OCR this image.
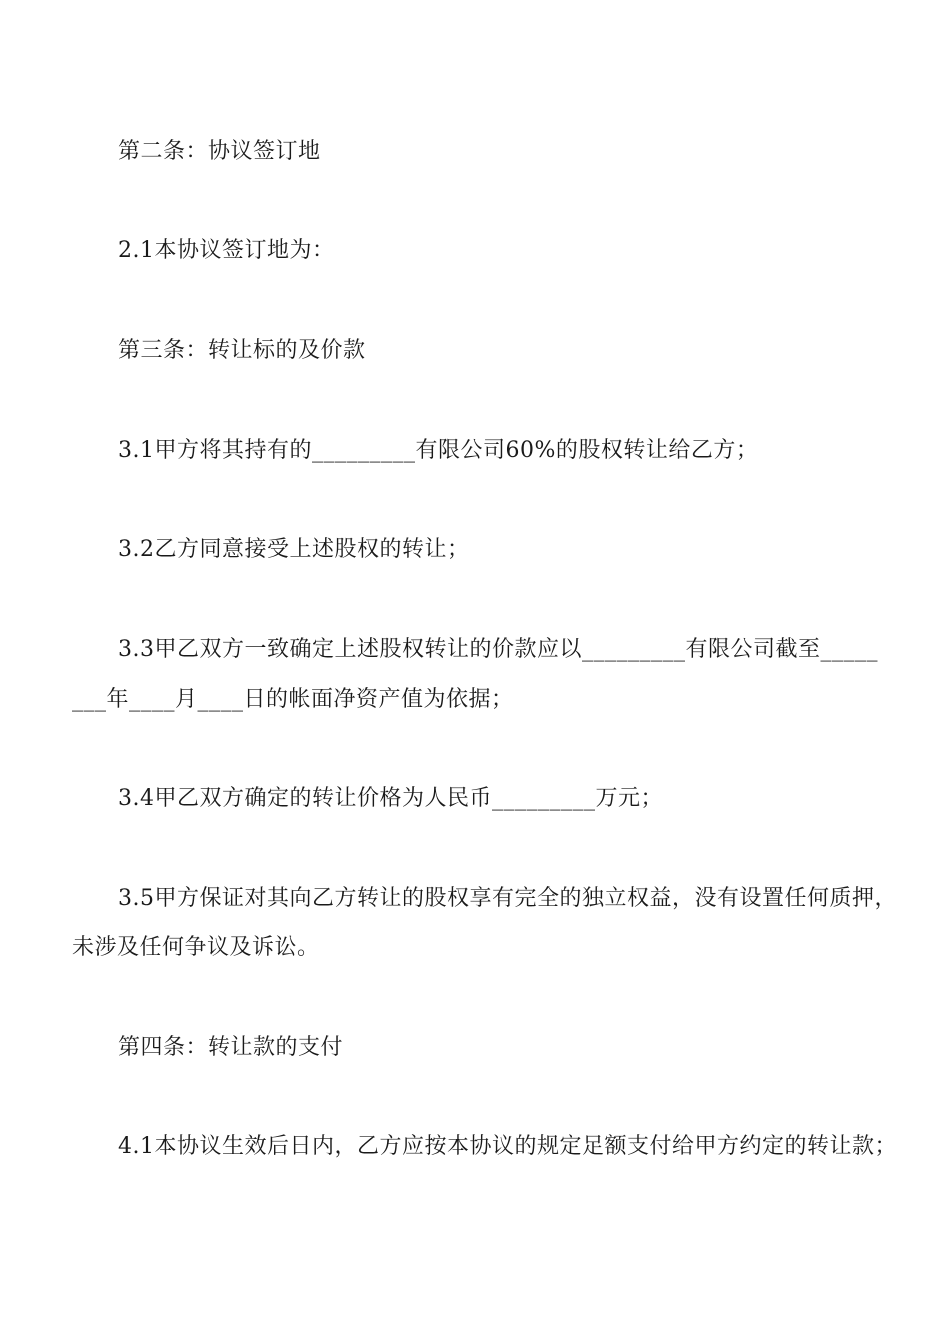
第二条：协议签订地
2.1本协议签订地为：
第三条：转让标的及价款
3.1甲方将其持有的_________有限公司60%的股权转让给乙方；
3.2乙方同意接受上述股权的转让；
3.3甲乙双方一致确定上述股权转让的价款应以_________有限公司截至_____
___年____月____日的帐面净资产值为依据；
3.4甲乙双方确定的转让价格为人民币_________万元；
3.5甲方保证对其向乙方转让的股权享有完全的独立权益，没有设置任何质押，
未涉及任何争议及诉讼。
第四条：转让款的支付
4.1本协议生效后日内，乙方应按本协议的规定足额支付给甲方约定的转让款；
